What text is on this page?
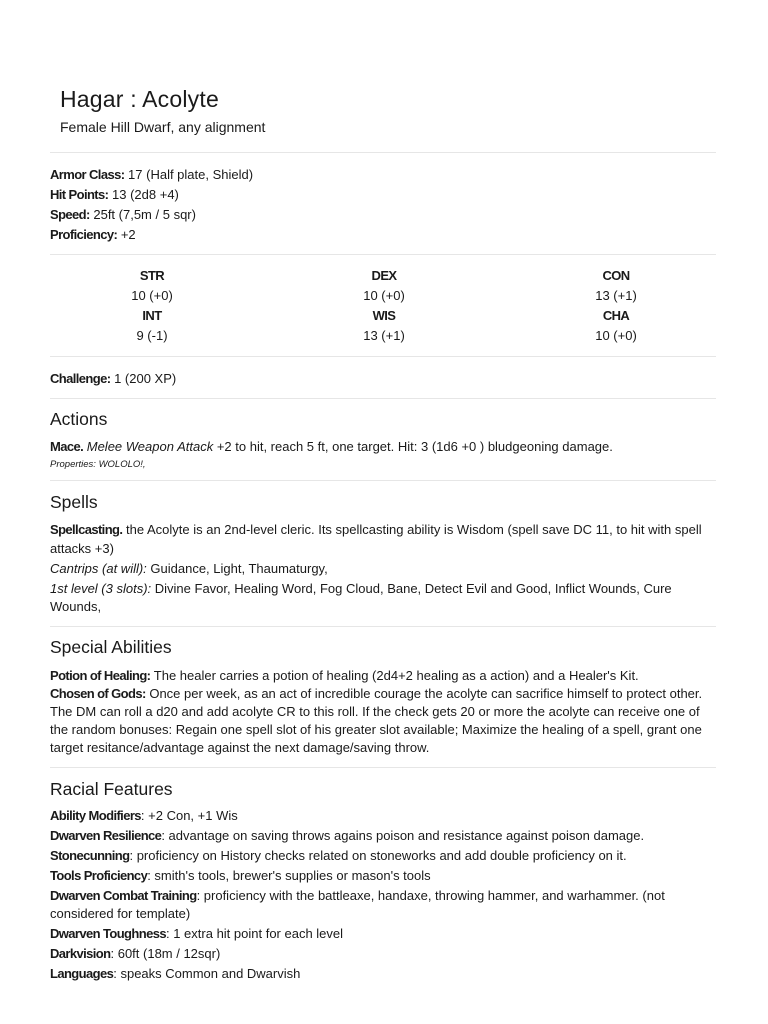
Hagar : Acolyte
Female Hill Dwarf, any alignment
Armor Class: 17 (Half plate, Shield)
Hit Points: 13 (2d8 +4)
Speed: 25ft (7,5m / 5 sqr)
Proficiency: +2
STR
10 (+0)
DEX
10 (+0)
CON
13 (+1)
INT
9 (-1)
WIS
13 (+1)
CHA
10 (+0)
Challenge: 1 (200 XP)
Actions
Mace. Melee Weapon Attack +2 to hit, reach 5 ft, one target. Hit: 3 (1d6 +0 ) bludgeoning damage.
Properties: WOLOLO!,
Spells
Spellcasting. the Acolyte is an 2nd-level cleric. Its spellcasting ability is Wisdom (spell save DC 11, to hit with spell
attacks +3)
Cantrips (at will): Guidance, Light, Thaumaturgy,
1st level (3 slots): Divine Favor, Healing Word, Fog Cloud, Bane, Detect Evil and Good, Inflict Wounds, Cure
Wounds,
Special Abilities
Potion of Healing: The healer carries a potion of healing (2d4+2 healing as a action) and a Healer's Kit.
Chosen of Gods: Once per week, as an act of incredible courage the acolyte can sacrifice himself to protect other.
The DM can roll a d20 and add acolyte CR to this roll. If the check gets 20 or more the acolyte can receive one of
the random bonuses: Regain one spell slot of his greater slot available; Maximize the healing of a spell, grant one
target resitance/advantage against the next damage/saving throw.
Racial Features
Ability Modifiers: +2 Con, +1 Wis
Dwarven Resilience: advantage on saving throws agains poison and resistance against poison damage.
Stonecunning: proficiency on History checks related on stoneworks and add double proficiency on it.
Tools Proficiency: smith's tools, brewer's supplies or mason's tools
Dwarven Combat Training: proficiency with the battleaxe, handaxe, throwing hammer, and warhammer. (not
considered for template)
Dwarven Toughness: 1 extra hit point for each level
Darkvision: 60ft (18m / 12sqr)
Languages: speaks Common and Dwarvish
